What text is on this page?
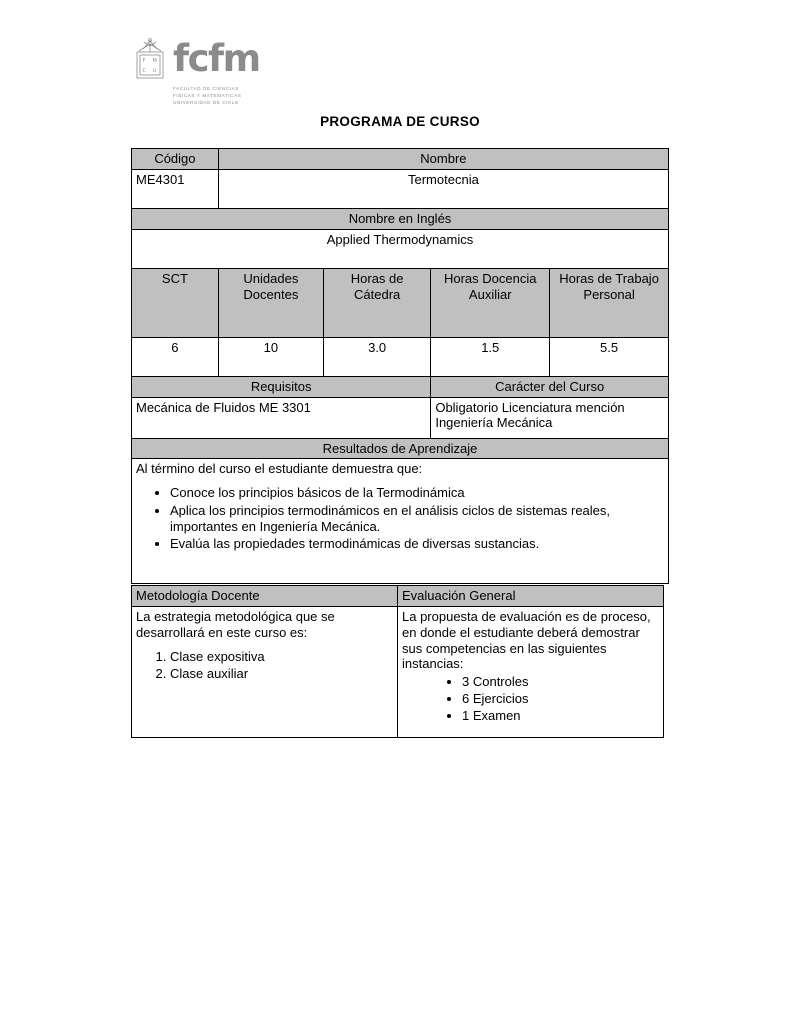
F M
C U fcfm
FACULTAD DE CIENCIAS
FISICAS Y MATEMATICAS
UNIVERSIDAD DE CHILE
PROGRAMA DE CURSO
Código	Nombre			
ME4301	Termotecnia			
Nombre en Inglés				
Applied Thermodynamics				
SCT	Unidades Docentes	Horas de Cátedra	Horas Docencia Auxiliar	Horas de Trabajo Personal
6	10	3.0	1.5	5.5
Requisitos			Carácter del Curso	
Mecánica de Fluidos ME 3301			Obligatorio Licenciatura mención Ingeniería Mecánica	
Resultados de Aprendizaje				

Al término del curso el estudiante demuestra que:
• Conoce los principios básicos de la Termodinámica
• Aplica los principios termodinámicos en el análisis ciclos de sistemas reales, importantes en Ingeniería Mecánica.
• Evalúa las propiedades termodinámicas de diversas sustancias.
Metodología Docente	Evaluación General

La estrategia metodológica que se desarrollará en este curso es:
1. Clase expositiva
2. Clase auxiliar

La propuesta de evaluación es de proceso, en donde el estudiante deberá demostrar sus competencias en las siguientes instancias:
• 3 Controles
• 6 Ejercicios
• 1 Examen
